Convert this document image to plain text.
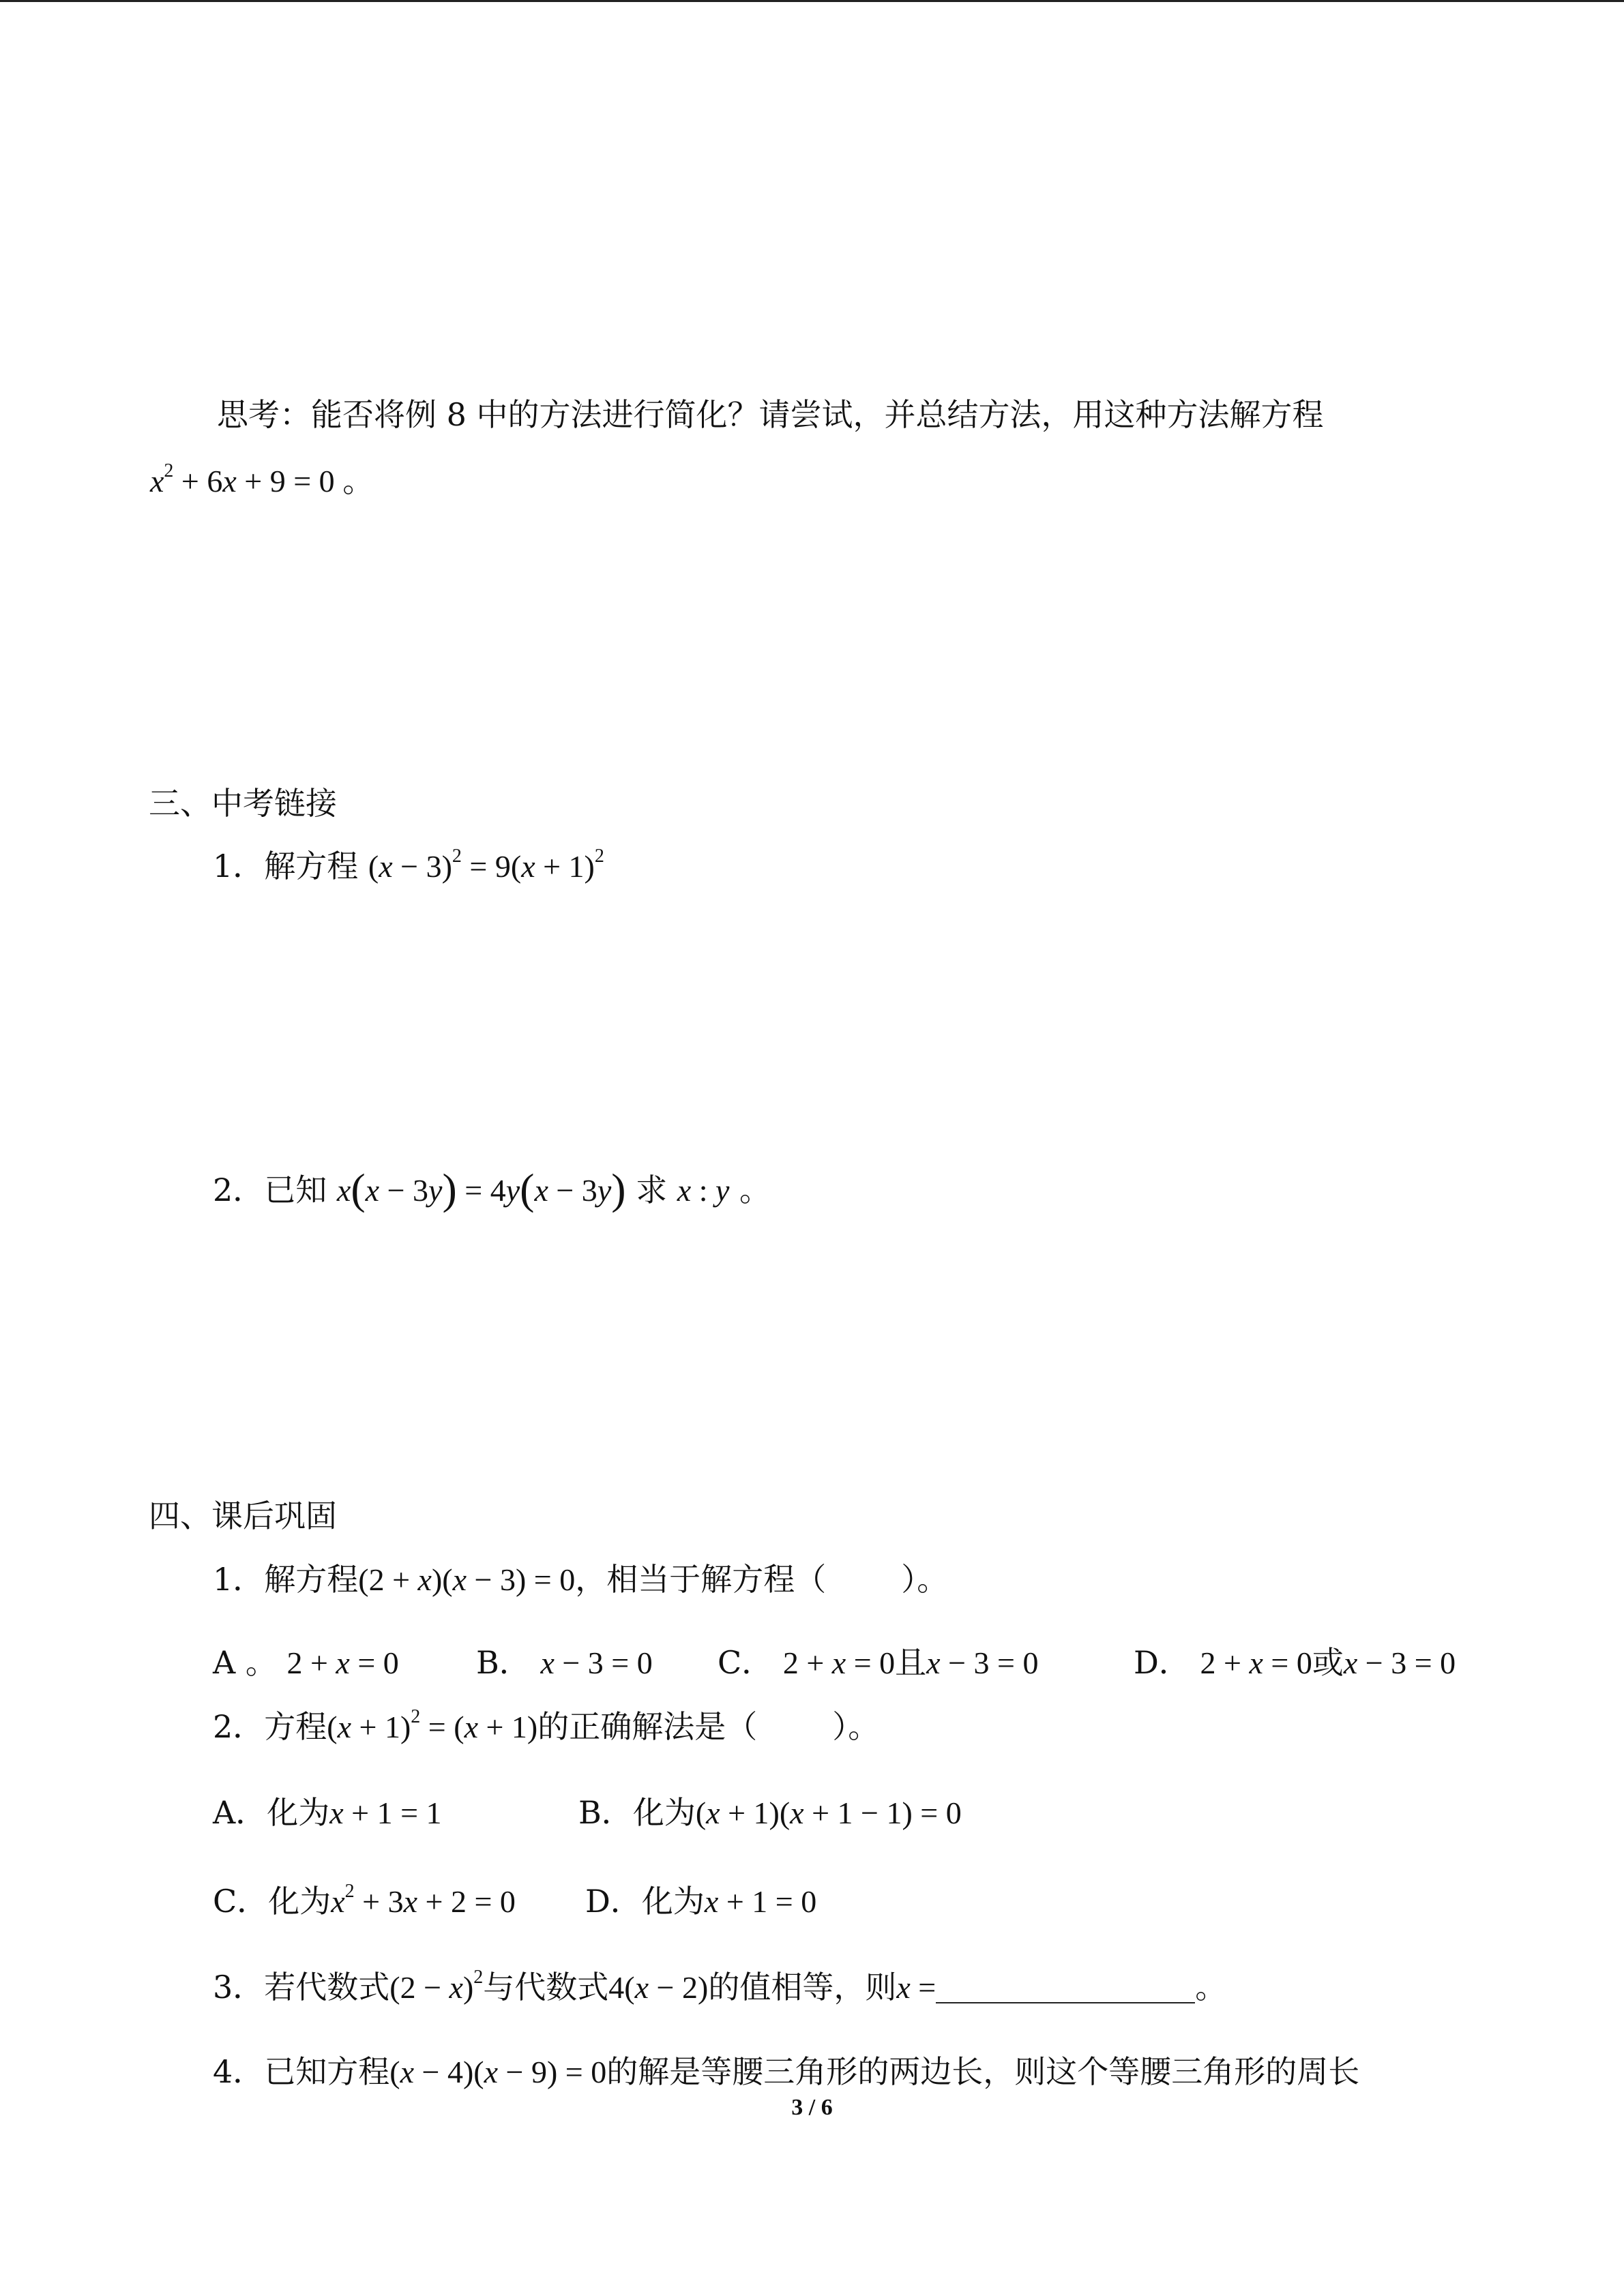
思考：能否将例 8 中的方法进行简化？请尝试，并总结方法，用这种方法解方程
$x^2 + 6x + 9 = 0$ 。
三、中考链接
1．解方程 $(x - 3)^2 = 9(x + 1)^2$
2．已知 x(x − 3y) = 4y(x − 3y) 求 x : y 。
四、课后巩固
1．解方程(2 + x)(x − 3) = 0，相当于解方程（ ）。
A 。 2 + x = 0 B． x − 3 = 0 C． 2 + x = 0且x − 3 = 0	D． 2 + x = 0或x − 3 = 0
2．方程$(x + 1)^2 = (x + 1)$的正确解法是（ ）。
A．化为x + 1 = 1	B．化为(x + 1)(x + 1 − 1) = 0
C．化为$x^2 + 3x + 2 = 0$ D．化为x + 1 = 0
3．若代数式$(2 - x)^2$与代数式4(x − 2)的值相等，则x =	。
4．已知方程(x − 4)(x − 9) = 0的解是等腰三角形的两边长，则这个等腰三角形的周长
3 / 6
